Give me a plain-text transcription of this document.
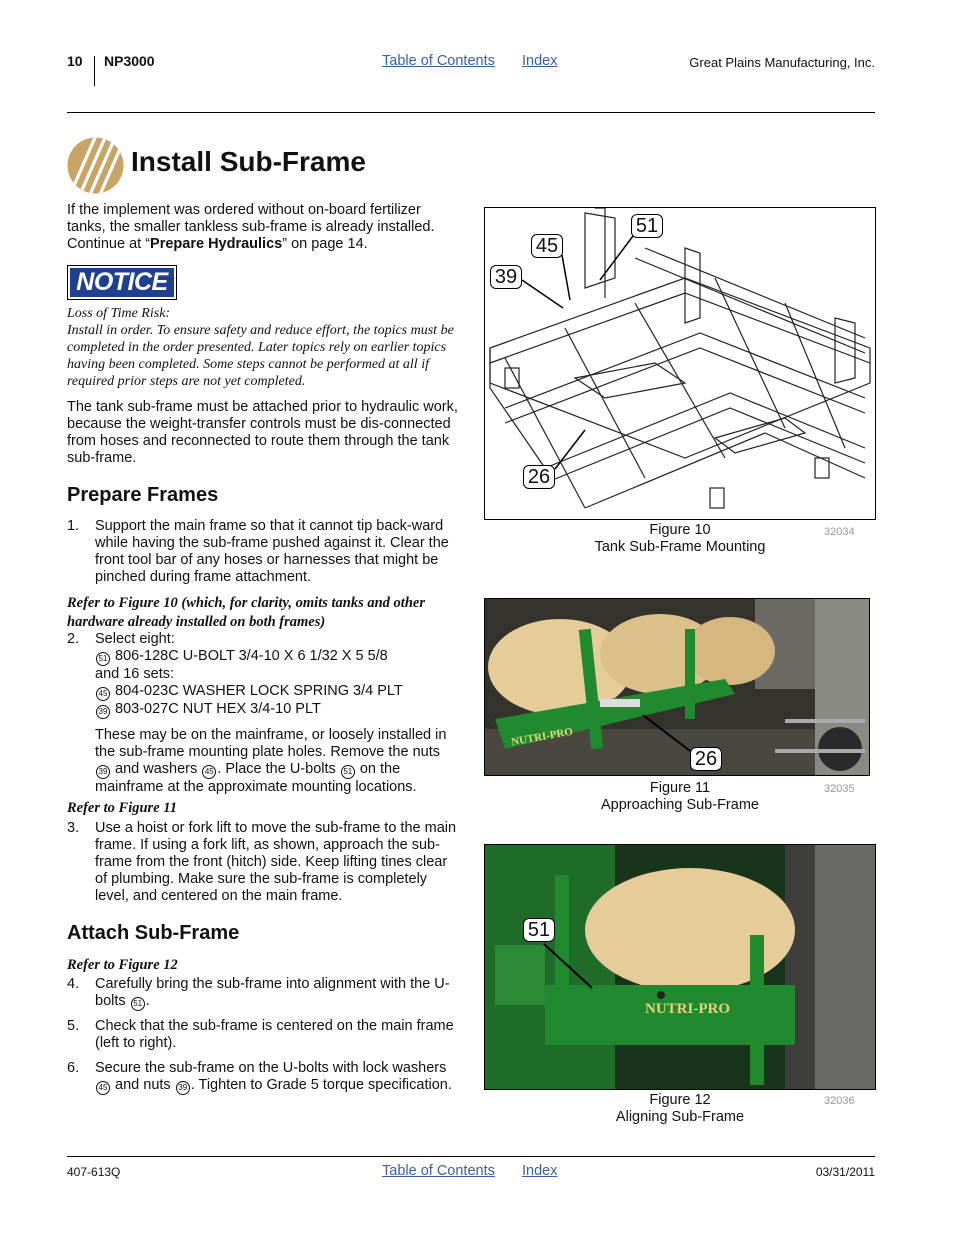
10 NP3000	Table of Contents Index	Great Plains Manufacturing, Inc.
Install Sub-Frame

If the implement was ordered without on-board fertilizer tanks, the smaller tankless sub-frame is already installed. Continue at “Prepare Hydraulics” on page 14.

NOTICE
Loss of Time Risk:
Install in order. To ensure safety and reduce effort, the topics must be completed in the order presented. Later topics rely on earlier topics having been completed. Some steps cannot be performed at all if required prior steps are not yet completed.
The tank sub-frame must be attached prior to hydraulic work, because the weight-transfer controls must be dis-connected from hoses and reconnected to route them through the tank sub-frame.
Prepare Frames
1. Support the main frame so that it cannot tip back-ward while having the sub-frame pushed against it. Clear the front tool bar of any hoses or harnesses that might be pinched during frame attachment.
Refer to Figure 10 (which, for clarity, omits tanks and other hardware already installed on both frames)
2. Select eight:
51 806-128C U-BOLT 3/4-10 X 6 1/32 X 5 5/8
and 16 sets:
45 804-023C WASHER LOCK SPRING 3/4 PLT
39 803-027C NUT HEX 3/4-10 PLT
These may be on the mainframe, or loosely installed in the sub-frame mounting plate holes. Remove the nuts 39 and washers 45 . Place the U-bolts 51 on the mainframe at the approximate mounting locations.
Refer to Figure 11
3. Use a hoist or fork lift to move the sub-frame to the main frame. If using a fork lift, as shown, approach the sub-frame from the front (hitch) side. Keep lifting tines clear of plumbing. Make sure the sub-frame is completely level, and centered on the main frame.
Attach Sub-Frame
Refer to Figure 12
4. Carefully bring the sub-frame into alignment with the U-bolts 51 .
5. Check that the sub-frame is centered on the main frame (left to right).
6. Secure the sub-frame on the U-bolts with lock washers 45 and nuts 39 . Tighten to Grade 5 torque specification.
51
45
39
26
Figure 10
Tank Sub-Frame Mounting
32034
NUTRI-PRO
26
Figure 11
Approaching Sub-Frame
32035
NUTRI-PRO
51
Figure 12
Aligning Sub-Frame
32036
407-613Q	Table of Contents Index	03/31/2011
